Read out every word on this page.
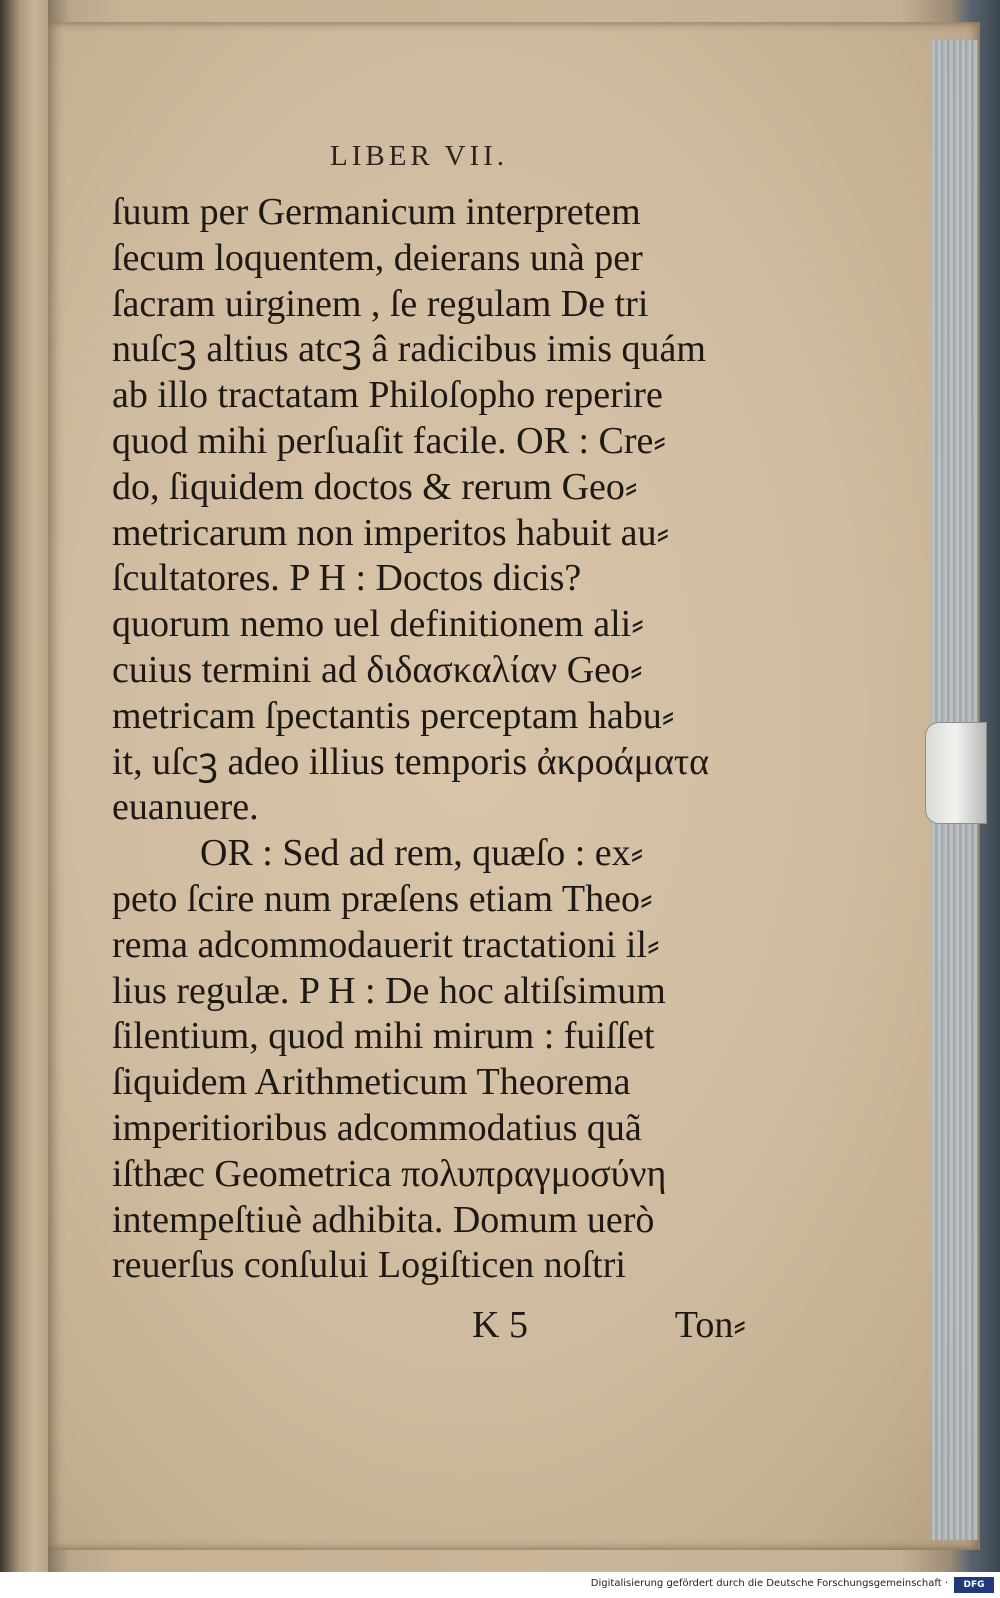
LIBER VII.
ſuum per Germanicum interpretem
ſecum loquentem, deierans unà per
ſacram uirginem , ſe regulam De tri
nuſcꝫ altius atcꝫ â radicibus imis quám
ab illo tractatam Philoſopho reperire
quod mihi perſuaſit facile. OR : Cre⸗
do, ſiquidem doctos & rerum Geo⸗
metricarum non imperitos habuit au⸗
ſcultatores. P H : Doctos dicis?
quorum nemo uel definitionem ali⸗
cuius termini ad διδασκαλίαν Geo⸗
metricam ſpectantis perceptam habu⸗
it, uſcꝫ adeo illius temporis ἀκροάματα
euanuere.
OR : Sed ad rem, quæſo : ex⸗
peto ſcire num præſens etiam Theo⸗
rema adcommodauerit tractationi il⸗
lius regulæ. P H : De hoc altiſsimum
ſilentium, quod mihi mirum : fuiſſet
ſiquidem Arithmeticum Theorema
imperitioribus adcommodatius quã
iſthæc Geometrica πολυπραγμοσύνη
intempeſtiuè adhibita. Domum uerò
reuerſus conſului Logiſticen noſtri
K 5	Ton⸗
Digitalisierung gefördert durch die Deutsche Forschungsgemeinschaft ·	DFG
